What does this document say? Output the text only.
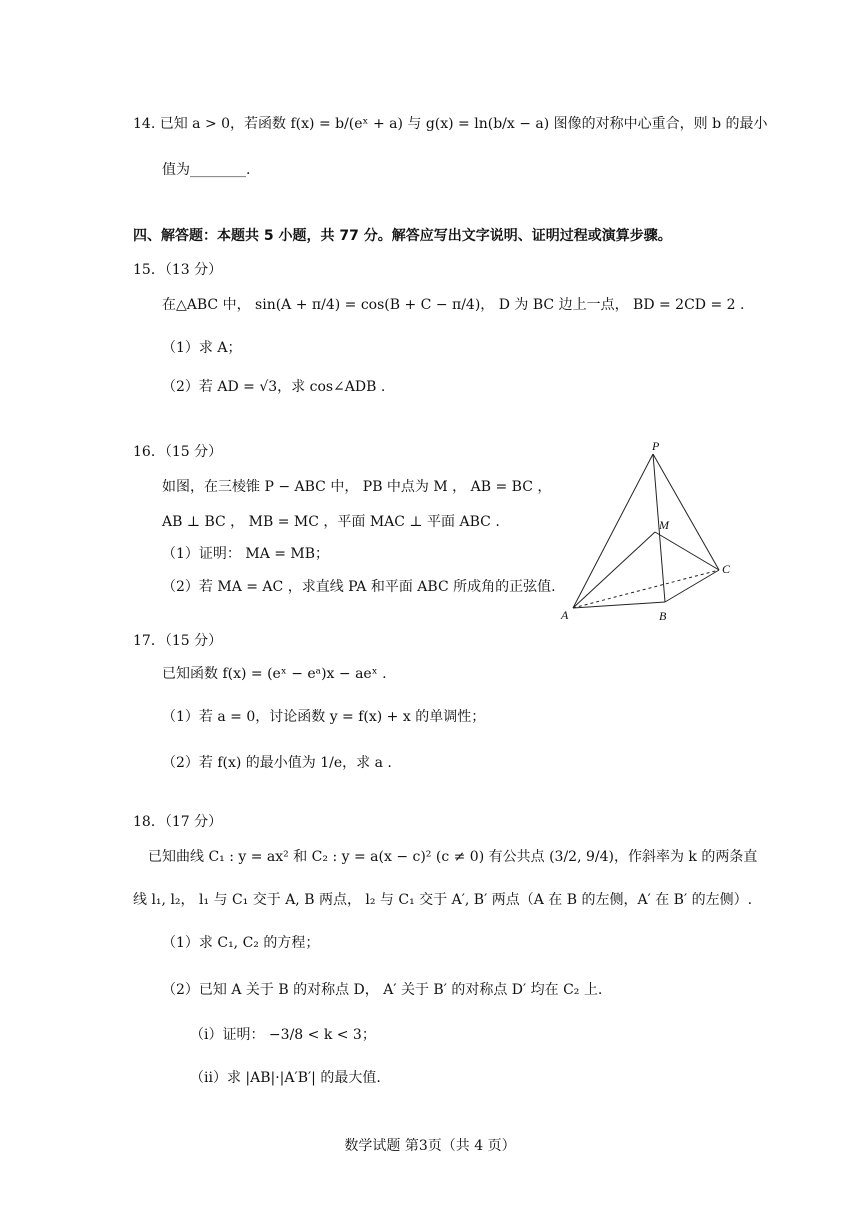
14. 已知 a > 0，若函数 f(x) = b/(eˣ + a) 与 g(x) = ln(b/x − a) 图像的对称中心重合，则 b 的最小
值为________.
四、解答题：本题共 5 小题，共 77 分。解答应写出文字说明、证明过程或演算步骤。
15．（13 分）
在△ABC 中， sin(A + π/4) = cos(B + C − π/4)， D 为 BC 边上一点， BD = 2CD = 2 .
（1）求 A；
（2）若 AD = √3，求 cos∠ADB .
16．（15 分）
如图，在三棱锥 P − ABC 中， PB 中点为 M ， AB = BC ，
AB ⊥ BC ， MB = MC ，平面 MAC ⊥ 平面 ABC .
（1）证明： MA = MB；
（2）若 MA = AC ，求直线 PA 和平面 ABC 所成角的正弦值.
P
M
C
A	B
17．（15 分）
已知函数 f(x) = (eˣ − eᵃ)x − aeˣ .
（1）若 a = 0，讨论函数 y = f(x) + x 的单调性；
（2）若 f(x) 的最小值为 1/e，求 a .
18．（17 分）
已知曲线 C₁ : y = ax² 和 C₂ : y = a(x − c)² (c ≠ 0) 有公共点 (3/2, 9/4)，作斜率为 k 的两条直
线 l₁, l₂， l₁ 与 C₁ 交于 A, B 两点， l₂ 与 C₁ 交于 A′, B′ 两点（A 在 B 的左侧，A′ 在 B′ 的左侧）.
（1）求 C₁, C₂ 的方程；
（2）已知 A 关于 B 的对称点 D， A′ 关于 B′ 的对称点 D′ 均在 C₂ 上.
（i）证明： −3/8 < k < 3；
（ii）求 |AB|·|A′B′| 的最大值.
数学试题 第3页（共 4 页）
